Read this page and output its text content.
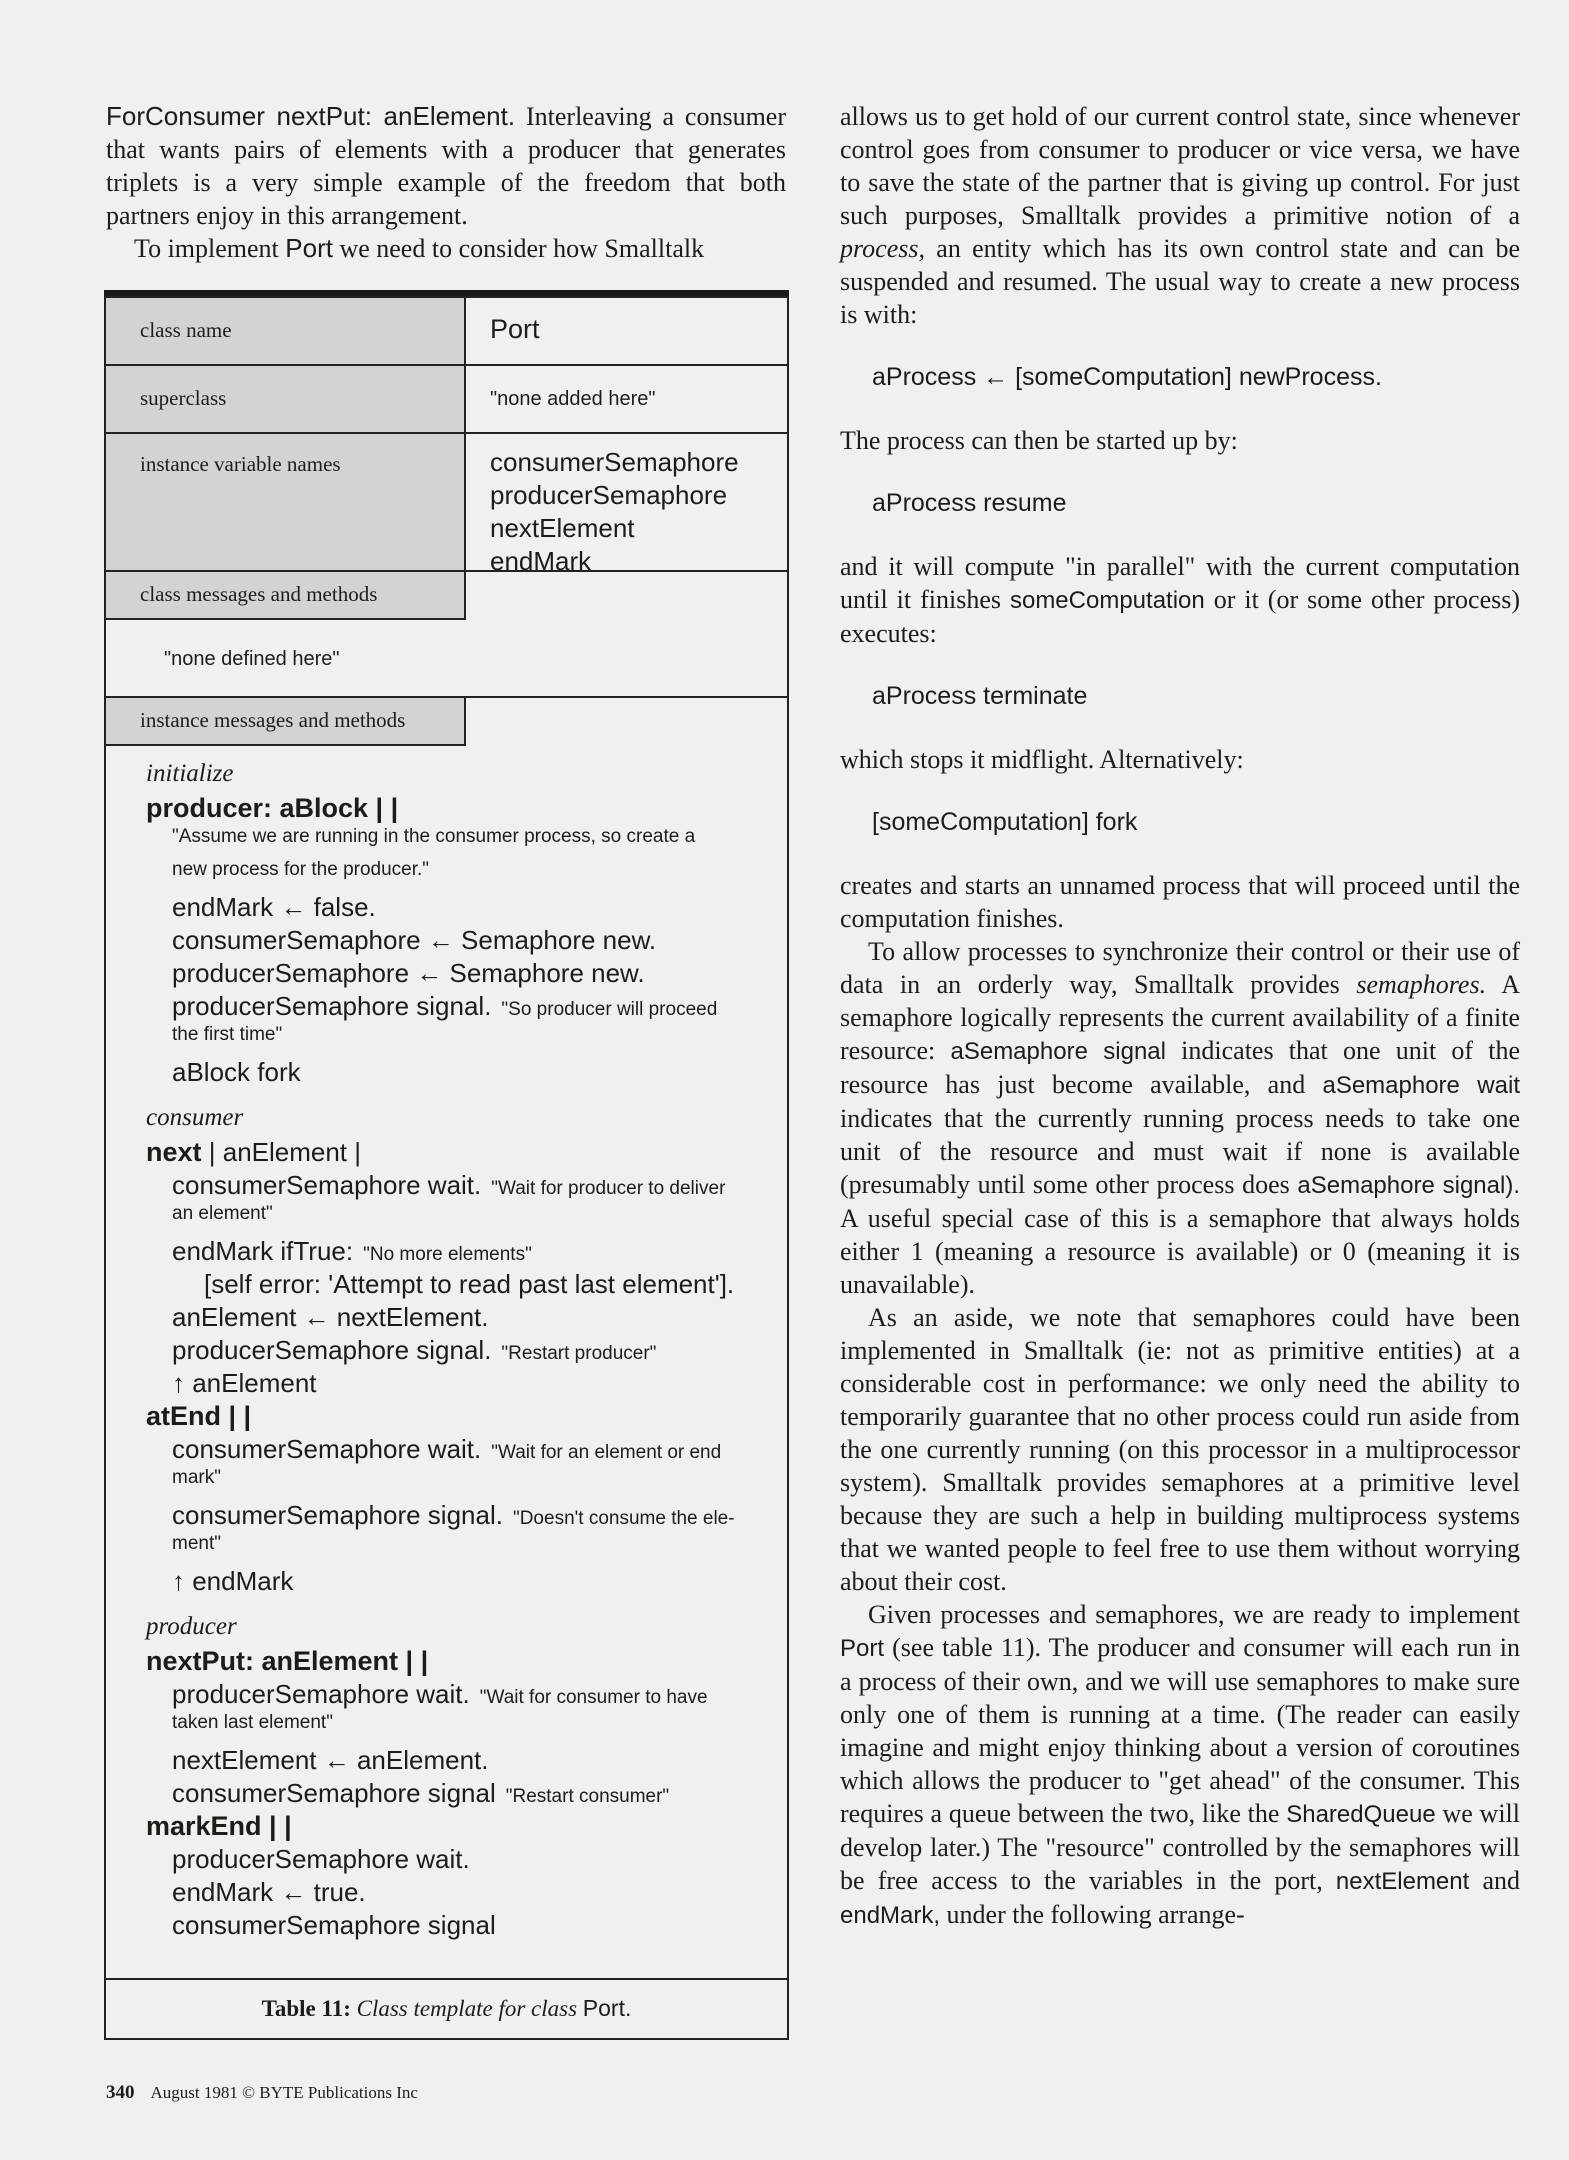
ForConsumer nextPut: anElement. Interleaving a consumer that wants pairs of elements with a producer that generates triplets is a very simple example of the freedom that both partners enjoy in this arrangement.

To implement Port we need to consider how Smalltalk

class name	Port
superclass	"none added here"
instance variable names	consumerSemaphore
producerSemaphore
nextElement
endMark
class messages and methods
"none defined here"
instance messages and methods
initialize
producer: aBlock | |
"Assume we are running in the consumer process, so create a
new process for the producer."
endMark ← false.
consumerSemaphore ← Semaphore new.
producerSemaphore ← Semaphore new.
producerSemaphore signal. "So producer will proceed
the first time"
aBlock fork
consumer
next | anElement |
consumerSemaphore wait. "Wait for producer to deliver
an element"
endMark ifTrue: "No more elements"
[self error: 'Attempt to read past last element'].
anElement ← nextElement.
producerSemaphore signal. "Restart producer"
↑ anElement
atEnd | |
consumerSemaphore wait. "Wait for an element or end
mark"
consumerSemaphore signal. "Doesn't consume the ele-
ment"
↑ endMark
producer
nextPut: anElement | |
producerSemaphore wait. "Wait for consumer to have
taken last element"
nextElement ← anElement.
consumerSemaphore signal "Restart consumer"
markEnd | |
producerSemaphore wait.
endMark ← true.
consumerSemaphore signal
Table 11: Class template for class Port.

allows us to get hold of our current control state, since whenever control goes from consumer to producer or vice versa, we have to save the state of the partner that is giving up control. For just such purposes, Smalltalk provides a primitive notion of a process, an entity which has its own control state and can be suspended and resumed. The usual way to create a new process is with:

aProcess ← [someComputation] newProcess.

The process can then be started up by:

aProcess resume

and it will compute "in parallel" with the current computation until it finishes someComputation or it (or some other process) executes:

aProcess terminate

which stops it midflight. Alternatively:

[someComputation] fork

creates and starts an unnamed process that will proceed until the computation finishes.

To allow processes to synchronize their control or their use of data in an orderly way, Smalltalk provides semaphores. A semaphore logically represents the current availability of a finite resource: aSemaphore signal indicates that one unit of the resource has just become available, and aSemaphore wait indicates that the currently running process needs to take one unit of the resource and must wait if none is available (presumably until some other process does aSemaphore signal). A useful special case of this is a semaphore that always holds either 1 (meaning a resource is available) or 0 (meaning it is unavailable).

As an aside, we note that semaphores could have been implemented in Smalltalk (ie: not as primitive entities) at a considerable cost in performance: we only need the ability to temporarily guarantee that no other process could run aside from the one currently running (on this processor in a multiprocessor system). Smalltalk provides semaphores at a primitive level because they are such a help in building multiprocess systems that we wanted people to feel free to use them without worrying about their cost.

Given processes and semaphores, we are ready to implement Port (see table 11). The producer and consumer will each run in a process of their own, and we will use semaphores to make sure only one of them is running at a time. (The reader can easily imagine and might enjoy thinking about a version of coroutines which allows the producer to "get ahead" of the consumer. This requires a queue between the two, like the SharedQueue we will develop later.) The "resource" controlled by the semaphores will be free access to the variables in the port, nextElement and endMark, under the following arrange-

340 August 1981 © BYTE Publications Inc
